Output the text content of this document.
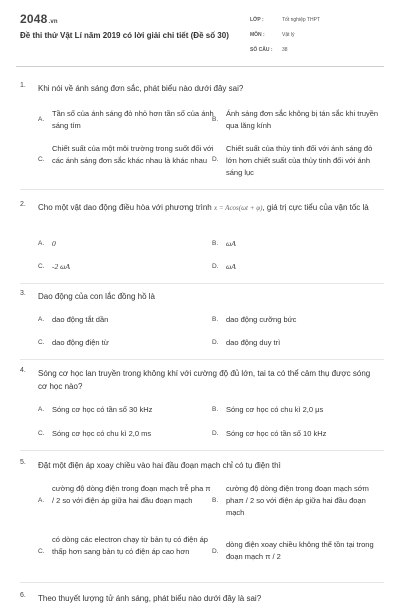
2048.vn
Đề thi thử Vật Lí năm 2019 có lời giải chi tiết (Đề số 30)
LỚP :	Tốt nghiệp THPT
MÔN :	Vật lý
SỐ CÂU : 38
1. Khi nói về ánh sáng đơn sắc, phát biểu nào dưới đây sai?
A.
Tần số của ánh sáng đỏ nhỏ hơn tần số của ánh sáng tím
B.
Ánh sáng đơn sắc không bị tán sắc khi truyền qua lăng kính
C.
Chiết suất của một môi trường trong suốt đối với các ánh sáng đơn sắc khác nhau là khác nhau D.
Chiết suất của thủy tinh đối với ánh sáng đỏ lớn hơn chiết suất của thủy tinh đối với ánh sáng lục
2. Cho một vật dao động điều hòa với phương trình x = Acos(ωt + φ), giá trị cực tiểu của vận tốc là
A. 0	B. ωA
C. -2 ωA	D. ωA
3. Dao động của con lắc đồng hồ là
A. dao động tắt dần	B. dao động cưỡng bức
C. dao động điện từ	D. dao động duy trì
4. Sóng cơ học lan truyền trong không khí với cường độ đủ lớn, tai ta có thể cảm thụ được sóng cơ học nào?
A. Sóng cơ học có tần số 30 kHz	B. Sóng cơ học có chu kì 2,0 μs
C. Sóng cơ học có chu kì 2,0 ms	D. Sóng cơ học có tần số 10 kHz
5. Đặt một điện áp xoay chiều vào hai đầu đoạn mạch chỉ có tụ điện thì
A.
cường độ dòng điện trong đoạn mạch trễ pha π / 2 so với điện áp giữa hai đầu đoạn mạch	B.
cường độ dòng điện trong đoạn mạch sớm phaπ / 2 so với điện áp giữa hai đầu đoạn mạch
C.
có dòng các electron chạy từ bản tụ có điện áp thấp hơn sang bản tụ có điện áp cao hơn	D.
dòng điện xoay chiều không thể tồn tại trong đoạn mạch π / 2
6. Theo thuyết lượng tử ánh sáng, phát biểu nào dưới đây là sai?
